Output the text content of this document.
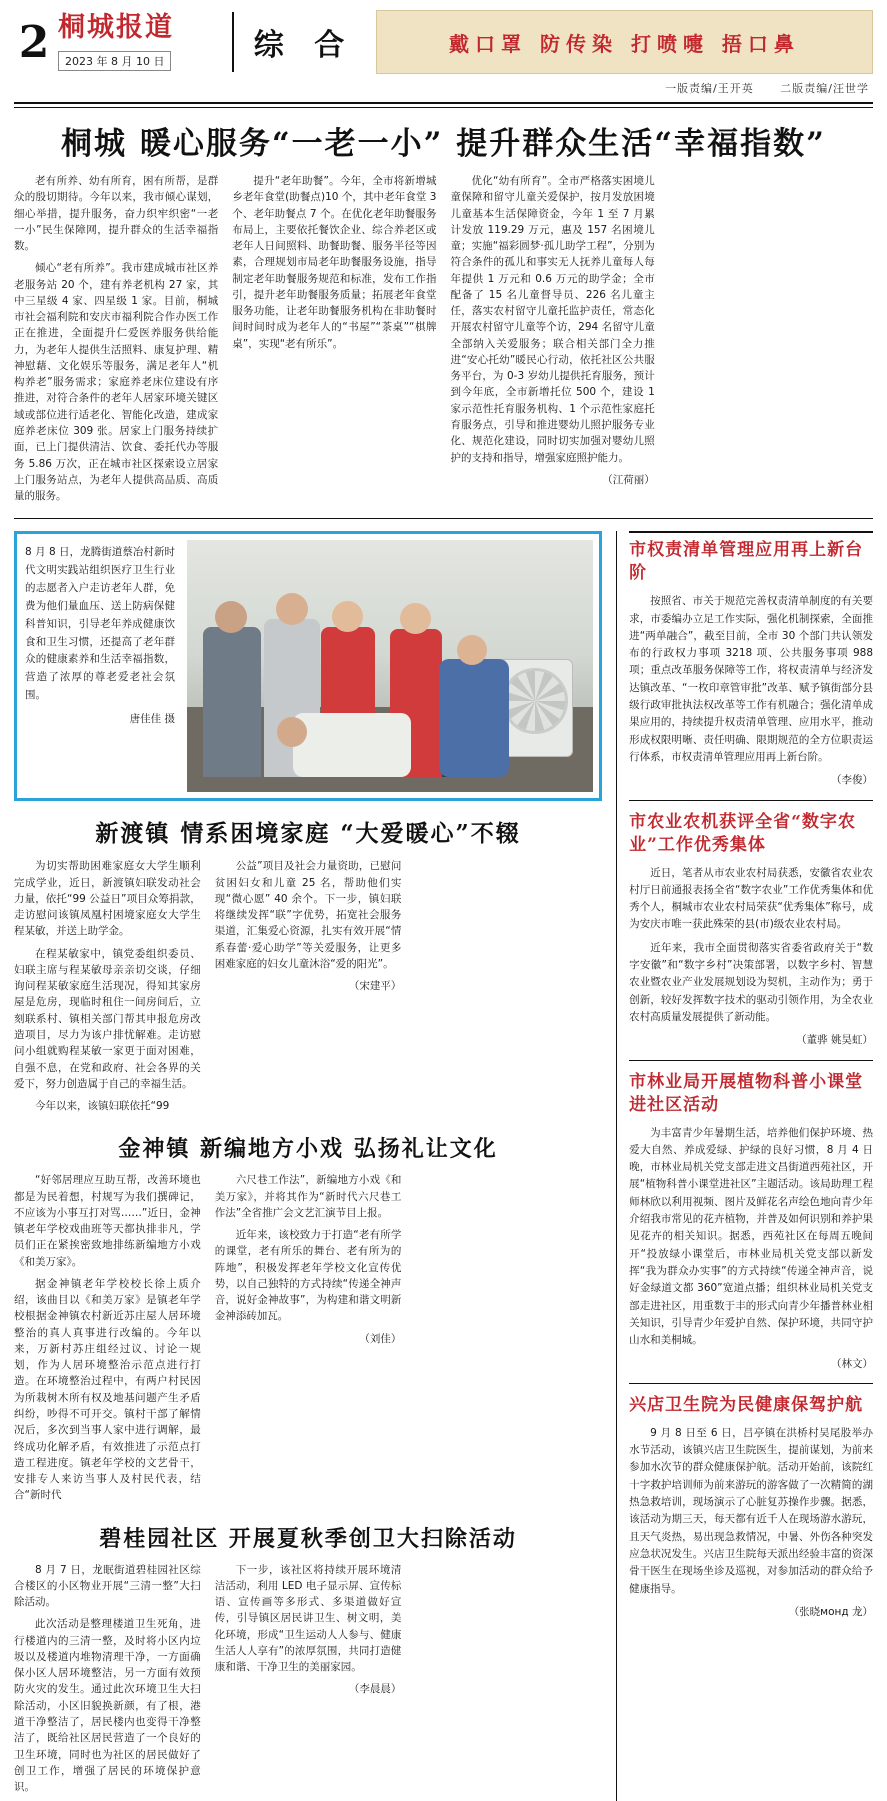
2 桐城报道
2023 年 8 月 10 日	综 合	戴口罩 防传染 打喷嚏 捂口鼻
一版责编/王开英 二版责编/汪世学
桐城 暖心服务“一老一小” 提升群众生活“幸福指数”

老有所养、幼有所育，困有所帮，是群众的殷切期待。今年以来，我市倾心谋划，细心举措，提升服务，奋力织牢织密“一老一小”民生保障网，提升群众的生活幸福指数。

倾心“老有所养”。我市建成城市社区养老服务站 20 个，建有养老机构 27 家，其中三星级 4 家、四星级 1 家。目前，桐城市社会福利院和安庆市福利院合作办医工作正在推进，全面提升仁爱医养服务供给能力，为老年人提供生活照料、康复护理、精神慰藉、文化娱乐等服务，满足老年人“机构养老”服务需求；家庭养老床位建设有序推进，对符合条件的老年人居家环境关键区域或部位进行适老化、智能化改造，建成家庭养老床位 309 张。居家上门服务持续扩面，已上门提供清洁、饮食、委托代办等服务 5.86 万次，正在城市社区探索设立居家上门服务站点，为老年人提供高品质、高质量的服务。

提升“老年助餐”。今年，全市将新增城乡老年食堂(助餐点)10 个，其中老年食堂 3 个、老年助餐点 7 个。在优化老年助餐服务布局上，主要依托餐饮企业、综合养老区或老年人日间照料、助餐助餐、服务半径等因素，合理规划市局老年助餐服务设施，指导制定老年助餐服务规范和标准，发布工作指引，提升老年助餐服务质量；拓展老年食堂服务功能，让老年助餐服务机构在非助餐时间时间时成为老年人的“书屋”“茶桌”“棋牌桌”，实现“老有所乐”。

优化“幼有所育”。全市严格落实困境儿童保障和留守儿童关爱保护，按月发放困境儿童基本生活保障资金，今年 1 至 7 月累计发放 119.29 万元，惠及 157 名困境儿童；实施“福彩圆梦·孤儿助学工程”，分别为符合条件的孤儿和事实无人抚养儿童每人每年提供 1 万元和 0.6 万元的助学金；全市配备了 15 名儿童督导员、226 名儿童主任，落实农村留守儿童托监护责任，常态化开展农村留守儿童等个访，294 名留守儿童全部纳入关爱服务；联合相关部门全力推进“安心托幼”暖民心行动，依托社区公共服务平台，为 0-3 岁幼儿提供托育服务，预计到今年底，全市新增托位 500 个，建设 1 家示范性托育服务机构、1 个示范性家庭托育服务点，引导和推进婴幼儿照护服务专业化、规范化建设，同时切实加强对婴幼儿照护的支持和指导，增强家庭照护能力。

（江荷丽）
8 月 8 日，龙腾街道蔡冶村新时代文明实践站组织医疗卫生行业的志愿者入户走访老年人群，免费为他们量血压、送上防病保健科普知识，引导老年养成健康饮食和卫生习惯，还提高了老年群众的健康素养和生活幸福指数，营造了浓厚的尊老爱老社会氛围。
唐佳佳 摄
新渡镇 情系困境家庭 “大爱暖心”不辍

为切实帮助困难家庭女大学生顺利完成学业，近日，新渡镇妇联发动社会力量，依托“99 公益日”项目众筹捐款，走访慰问该镇凤凰村困境家庭女大学生程某敏，并送上助学金。

在程某敏家中，镇党委组织委员、妇联主席与程某敏母亲亲切交谈，仔细询问程某敏家庭生活现况，得知其家房屋是危房，现临时租住一间房间后，立刻联系村、镇相关部门帮其申报危房改造项目，尽力为该户排忧解难。走访慰问小组就购程某敏一家更于面对困难，自强不息，在党和政府、社会各界的关爱下，努力创造属于自己的幸福生活。

今年以来，该镇妇联依托“99

公益”项目及社会力量资助，已慰问贫困妇女和儿童 25 名，帮助他们实现“微心愿” 40 余个。下一步，镇妇联将继续发挥“联”字优势，拓宽社会服务渠道，汇集爱心资源，扎实有效开展“情系春蕾·爱心助学”等关爱服务，让更多困难家庭的妇女儿童沐浴“爱的阳光”。

（宋建平）
金神镇 新编地方小戏 弘扬礼让文化

“好邻居理应互助互帮，改善环境也都是为民着想，村规写为我们撰碑记，不应该为小事互打对骂……”近日，金神镇老年学校戏曲班等天都执排非凡，学员们正在紧挨密致地排练新编地方小戏《和美万家》。

据金神镇老年学校校长徐上质介绍，该曲目以《和美万家》是镇老年学校根据金神镇农村新近苏庄屋人居环境整治的真人真事进行改编的。今年以来，万新村苏庄组经过议、讨论一规划，作为人居环境整治示范点进行打造。在环境整治过程中，有两户村民因为所栽树木所有权及地基问题产生矛盾纠纷，吵得不可开交。镇村干部了解情况后，多次到当事人家中进行调解，最终成功化解矛盾，有效推进了示范点打造工程进度。镇老年学校的文艺骨干，安排专人来访当事人及村民代表，结合“新时代

六尺巷工作法”，新编地方小戏《和美万家》，并将其作为“新时代六尺巷工作法”全省推广会文艺汇演节目上报。

近年来，该校致力于打造“老有所学的课堂，老有所乐的舞台、老有所为的阵地”，积极发挥老年学校文化宣传优势，以自己独特的方式持续“传递全神声音，说好金神故事”，为构建和谐文明新金神添砖加瓦。

（刘佳）
碧桂园社区 开展夏秋季创卫大扫除活动

8 月 7 日，龙眠街道碧桂园社区综合楼区的小区物业开展“三清一整”大扫除活动。

此次活动是整理楼道卫生死角，进行楼道内的三清一整，及时将小区内垃圾以及楼道内堆物清理干净，一方面确保小区人居环境整洁，另一方面有效预防火灾的发生。通过此次环境卫生大扫除活动，小区旧貌换新颜，有了根，港道干净整洁了，居民楼内也变得干净整洁了，既给社区居民营造了一个良好的卫生环境，同时也为社区的居民做好了创卫工作，增强了居民的环境保护意识。

下一步，该社区将持续开展环境清洁活动，利用 LED 电子显示屏、宣传标语、宣传画等多形式、多渠道做好宣传，引导镇区居民讲卫生、树文明，美化环境，形成“卫生运动人人参与、健康生活人人享有”的浓厚氛围，共同打造健康和谐、干净卫生的美丽家园。

（李晨晨）
市权责清单管理应用再上新台阶

按照省、市关于规范完善权责清单制度的有关要求，市委编办立足工作实际，强化机制探索，全面推进“两单融合”，截至目前，全市 30 个部门共认领发布的行政权力事项 3218 项、公共服务事项 988 项；重点改革服务保障等工作，将权责清单与经济发达镇改革、“一枚印章管审批”改革、赋予镇街部分县级行政审批执法权改革等工作有机融合；强化清单成果应用的，持续提升权责清单管理、应用水平，推动形成权限明晰、责任明确、限期规范的全方位职责运行体系，市权责清单管理应用再上新台阶。

（李俊）
市农业农机获评全省“数字农业”工作优秀集体

近日，笔者从市农业农村局获悉，安徽省农业农村厅日前通报表扬全省“数字农业”工作优秀集体和优秀个人，桐城市农业农村局荣获“优秀集体”称号，成为安庆市唯一获此殊荣的县(市)级农业农村局。

近年来，我市全面贯彻落实省委省政府关于“数字安徽”和“数字乡村”决策部署，以数字乡村、智慧农业暨农业产业发展规划设为契机，主动作为；勇于创新，较好发挥数字技术的驱动引领作用，为全农业农村高质量发展提供了新动能。

（董骅 姚昊虹）
市林业局开展植物科普小课堂进社区活动

为丰富青少年暑期生活，培养他们保护环境、热爱大自然、养成爱绿、护绿的良好习惯，8 月 4 日晚，市林业局机关党支部走进文昌街道西苑社区，开展“植物科普小课堂进社区”主题活动。该局助理工程师林欣以利用视频、图片及鲜花名声绘色地向青少年介绍我市常见的花卉植物，并普及如何识别和养护果见花卉的相关知识。据悉，西苑社区在每周五晚间开“投放绿小课堂后，市林业局机关党支部以新发挥“我为群众办实事”的方式持续“传递全神声音，说好金绿道文都 360”宽道点播；组织林业局机关党支部走进社区，用重数于丰的形式向青少年播普林业相关知识，引导青少年爱护自然、保护环境，共同守护山水和美桐城。

（林文）
兴店卫生院为民健康保驾护航

9 月 8 日至 6 日，吕亭镇在洪桥村吴尾股举办水节活动，该镇兴店卫生院医生，提前谋划，为前来参加水次节的群众健康保护航。活动开始前，该院红十字救护培训师为前来游玩的游客做了一次精简的湖热急救培训，现场演示了心脏复苏操作步骤。据悉，该活动为期三天，每天都有近千人在现场游水游玩，且天气炎热，易出现急救情况，中暑、外伤各种突发应急状况发生。兴店卫生院每天派出经验丰富的资深骨干医生在现场坐诊及巡视，对参加活动的群众给予健康指导。

（张晓монд 龙）
